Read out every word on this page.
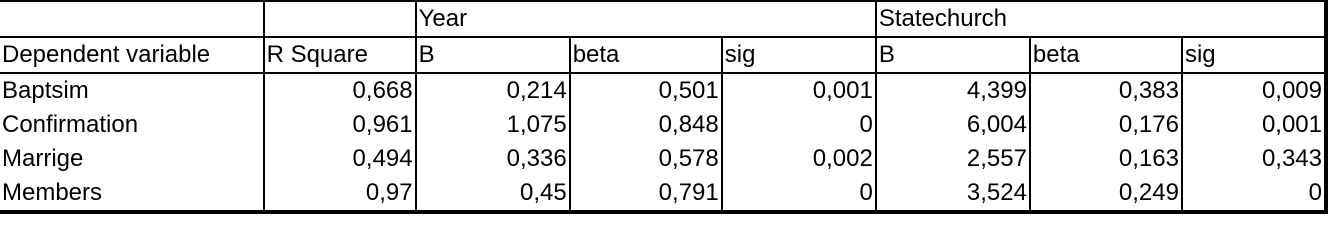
		Year			Statechurch		
Dependent variable	R Square	B	beta	sig	B	beta	sig
Baptsim	0,668	0,214	0,501	0,001	4,399	0,383	0,009
Confirmation	0,961	1,075	0,848	0	6,004	0,176	0,001
Marrige	0,494	0,336	0,578	0,002	2,557	0,163	0,343
Members	0,97	0,45	0,791	0	3,524	0,249	0
